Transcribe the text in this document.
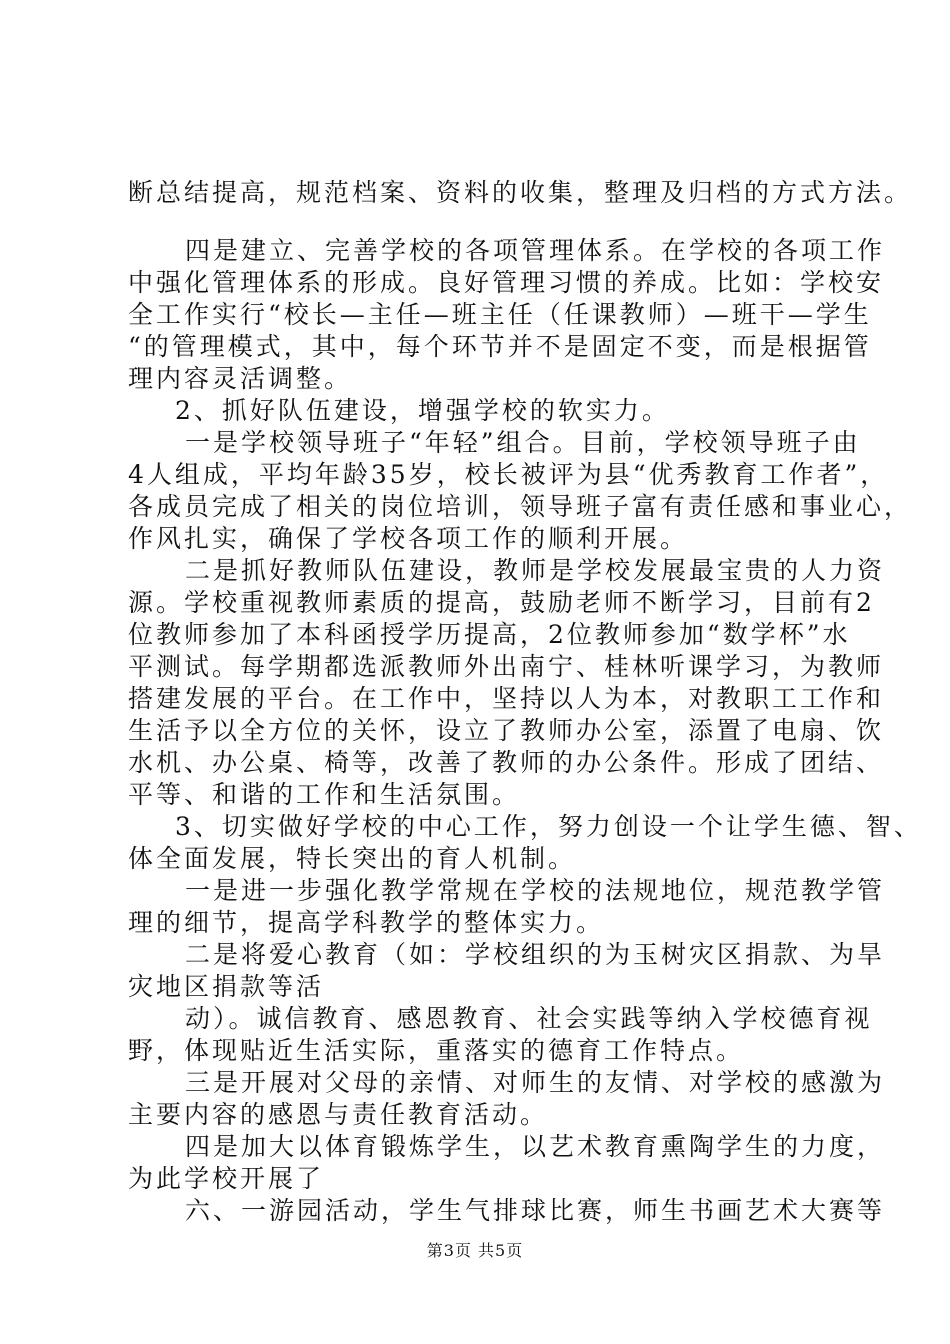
断总结提高，规范档案、资料的收集，整理及归档的方式方法。
四是建立、完善学校的各项管理体系。在学校的各项工作
中强化管理体系的形成。良好管理习惯的养成。比如：学校安
全工作实行“校长—主任—班主任（任课教师）—班干—学生
“的管理模式，其中，每个环节并不是固定不变，而是根据管
理内容灵活调整。
2、抓好队伍建设，增强学校的软实力。
一是学校领导班子“年轻”组合。目前，学校领导班子由
4人组成，平均年龄35岁，校长被评为县“优秀教育工作者”，
各成员完成了相关的岗位培训，领导班子富有责任感和事业心，
作风扎实，确保了学校各项工作的顺利开展。
二是抓好教师队伍建设，教师是学校发展最宝贵的人力资
源。学校重视教师素质的提高，鼓励老师不断学习，目前有2
位教师参加了本科函授学历提高，2位教师参加“数学杯”水
平测试。每学期都选派教师外出南宁、桂林听课学习，为教师
搭建发展的平台。在工作中，坚持以人为本，对教职工工作和
生活予以全方位的关怀，设立了教师办公室，添置了电扇、饮
水机、办公桌、椅等，改善了教师的办公条件。形成了团结、
平等、和谐的工作和生活氛围。
3、切实做好学校的中心工作，努力创设一个让学生德、智、
体全面发展，特长突出的育人机制。
一是进一步强化教学常规在学校的法规地位，规范教学管
理的细节，提高学科教学的整体实力。
二是将爱心教育（如：学校组织的为玉树灾区捐款、为旱
灾地区捐款等活
动）。诚信教育、感恩教育、社会实践等纳入学校德育视
野，体现贴近生活实际，重落实的德育工作特点。
三是开展对父母的亲情、对师生的友情、对学校的感激为
主要内容的感恩与责任教育活动。
四是加大以体育锻炼学生，以艺术教育熏陶学生的力度，
为此学校开展了
六、一游园活动，学生气排球比赛，师生书画艺术大赛等
第3页 共5页
